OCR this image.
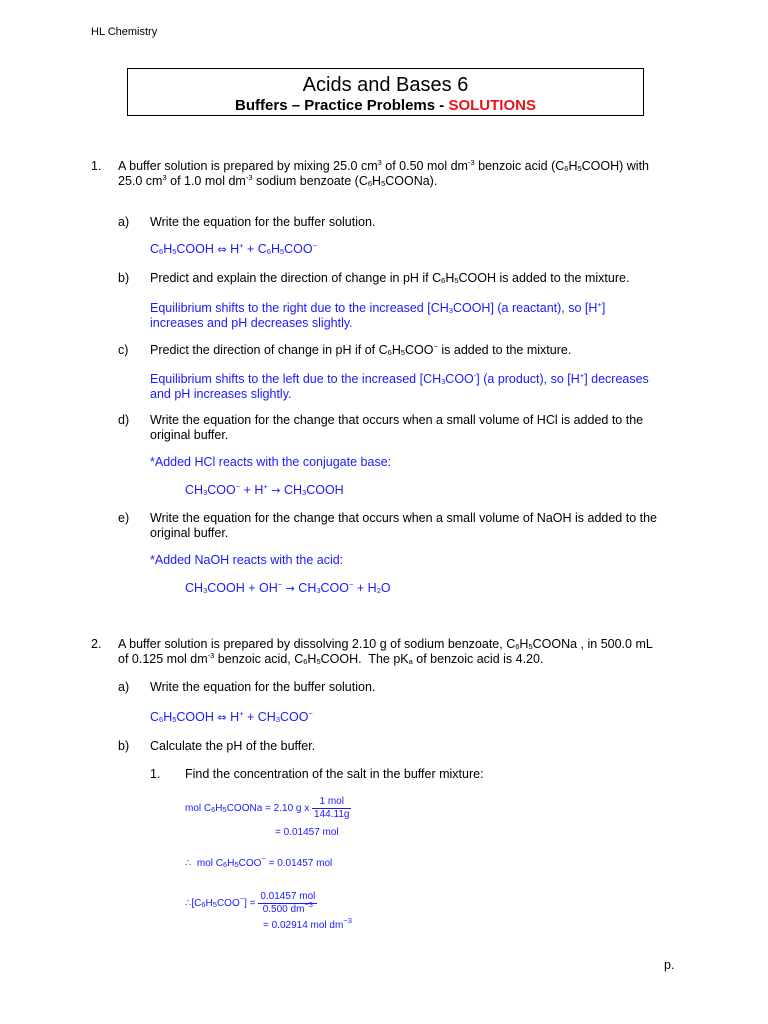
HL Chemistry
Acids and Bases 6
Buffers – Practice Problems - SOLUTIONS
1. A buffer solution is prepared by mixing 25.0 $cm^3$ of 0.50 mol $dm^{-3}$ benzoic acid $(C_6H_5COOH)$ with
25.0 $cm^3$ of 1.0 mol $dm^{-3}$ sodium benzoate $(C_6H_5COONa)$.
a) Write the equation for the buffer solution.
$C_6H_5COOH$ ⇔ $H^+ + C_6H_5COO^-$
b) Predict and explain the direction of change in pH if $C_6H_5COOH$ is added to the mixture.
Equilibrium shifts to the right due to the increased $[CH_3COOH]$ (a reactant), so [H+]
increases and pH decreases slightly.
c) Predict the direction of change in pH if of $C_6H_5COO^-$ is added to the mixture.
Equilibrium shifts to the left due to the increased $[CH_3COO^-]$ (a product), so [H+] decreases
and pH increases slightly.
d) Write the equation for the change that occurs when a small volume of HCl is added to the
original buffer.
*Added HCl reacts with the conjugate base:
$CH_3COO^- + H^+$ → $CH_3COOH$
e) Write the equation for the change that occurs when a small volume of NaOH is added to the
original buffer.
*Added NaOH reacts with the acid:
$CH_3COOH + OH^- \to CH_3COO^- + H_2O$
2. A buffer solution is prepared by dissolving 2.10 g of sodium benzoate, $C_6H_5COONa$ , in 500.0 mL
of 0.125 mol $dm^{-3}$ benzoic acid, $C_6H_5COOH$.  The $pK_a$ of benzoic acid is 4.20.
a) Write the equation for the buffer solution.
$C_6H_5COOH$ ⇔ $H^+ + CH_3COO^-$
b) Calculate the pH of the buffer.
1. Find the concentration of the salt in the buffer mixture:
mol $C_6H_5COONa = 2.10$ g x $\frac{\text{1 mol}}{144.11g}$
= 0.01457 mol
∴  mol $C_6H_5COO^- = 0.01457$ mol
$\therefore[C_6H_5COO^-] = \frac{\text{0.01457 mol}}{0.500 dm^{-3}}$
= 0.02914 mol $dm^{-3}$
p.
